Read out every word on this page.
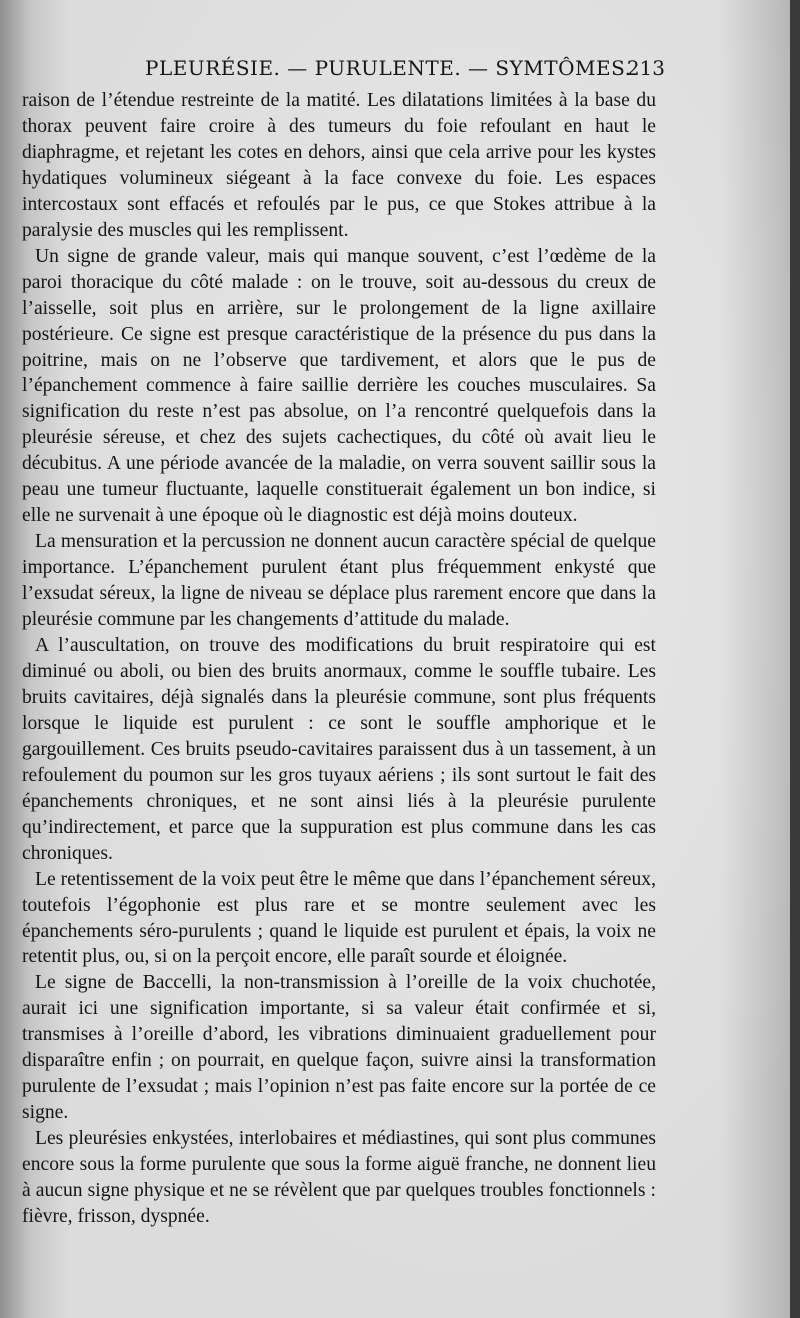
PLEURÉSIE. — PURULENTE. — SYMTÔMES.
213

raison de l’étendue restreinte de la matité. Les dilatations limitées à la base du thorax peuvent faire croire à des tumeurs du foie refoulant en haut le diaphragme, et rejetant les cotes en dehors, ainsi que cela arrive pour les kystes hydatiques volumineux siégeant à la face convexe du foie. Les espaces intercostaux sont effacés et refoulés par le pus, ce que Stokes attribue à la paralysie des muscles qui les remplissent.

Un signe de grande valeur, mais qui manque souvent, c’est l’œdème de la paroi thoracique du côté malade : on le trouve, soit au-dessous du creux de l’aisselle, soit plus en arrière, sur le prolongement de la ligne axillaire postérieure. Ce signe est presque caractéristique de la présence du pus dans la poitrine, mais on ne l’observe que tardivement, et alors que le pus de l’épanchement commence à faire saillie derrière les couches musculaires. Sa signification du reste n’est pas absolue, on l’a rencontré quelquefois dans la pleurésie séreuse, et chez des sujets cachectiques, du côté où avait lieu le décubitus. A une période avancée de la maladie, on verra souvent saillir sous la peau une tumeur fluctuante, laquelle constituerait également un bon indice, si elle ne survenait à une époque où le diagnostic est déjà moins douteux.

La mensuration et la percussion ne donnent aucun caractère spécial de quelque importance. L’épanchement purulent étant plus fréquemment enkysté que l’exsudat séreux, la ligne de niveau se déplace plus rarement encore que dans la pleurésie commune par les changements d’attitude du malade.

A l’auscultation, on trouve des modifications du bruit respiratoire qui est diminué ou aboli, ou bien des bruits anormaux, comme le souffle tubaire. Les bruits cavitaires, déjà signalés dans la pleurésie commune, sont plus fréquents lorsque le liquide est purulent : ce sont le souffle amphorique et le gargouillement. Ces bruits pseudo-cavitaires paraissent dus à un tassement, à un refoulement du poumon sur les gros tuyaux aériens ; ils sont surtout le fait des épanchements chroniques, et ne sont ainsi liés à la pleurésie purulente qu’indirectement, et parce que la suppuration est plus commune dans les cas chroniques.

Le retentissement de la voix peut être le même que dans l’épanchement séreux, toutefois l’égophonie est plus rare et se montre seulement avec les épanchements séro-purulents ; quand le liquide est purulent et épais, la voix ne retentit plus, ou, si on la perçoit encore, elle paraît sourde et éloignée.

Le signe de Baccelli, la non-transmission à l’oreille de la voix chuchotée, aurait ici une signification importante, si sa valeur était confirmée et si, transmises à l’oreille d’abord, les vibrations diminuaient graduellement pour disparaître enfin ; on pourrait, en quelque façon, suivre ainsi la transformation purulente de l’exsudat ; mais l’opinion n’est pas faite encore sur la portée de ce signe.

Les pleurésies enkystées, interlobaires et médiastines, qui sont plus communes encore sous la forme purulente que sous la forme aiguë franche, ne donnent lieu à aucun signe physique et ne se révèlent que par quelques troubles fonctionnels : fièvre, frisson, dyspnée.
